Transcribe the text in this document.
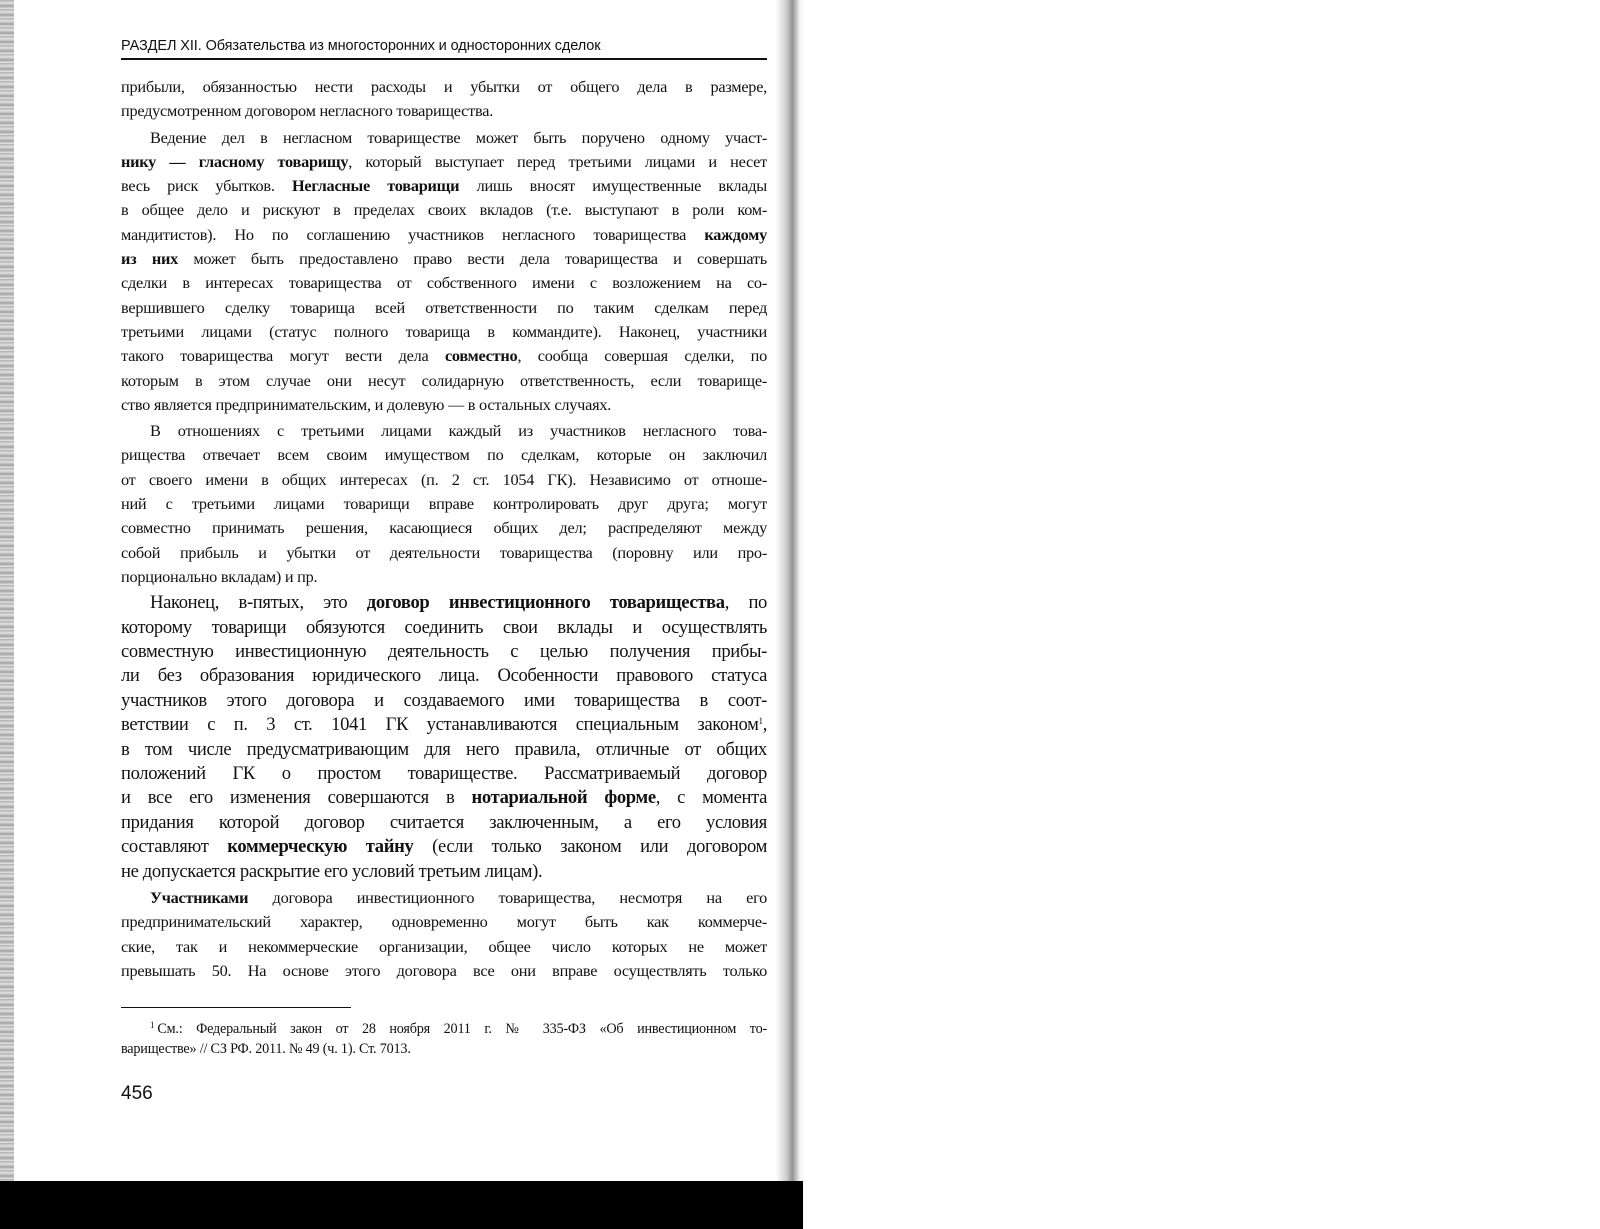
РАЗДЕЛ XII. Обязательства из многосторонних и односторонних сделок

прибыли, обязанностью нести расходы и убытки от общего дела в размере,

предусмотренном договором негласного товарищества.

Ведение дел в негласном товариществе может быть поручено одному участ-

нику — гласному товарищу, который выступает перед третьими лицами и несет

весь риск убытков. Негласные товарищи лишь вносят имущественные вклады

в общее дело и рискуют в пределах своих вкладов (т.е. выступают в роли ком-

мандитистов). Но по соглашению участников негласного товарищества каждому

из них может быть предоставлено право вести дела товарищества и совершать

сделки в интересах товарищества от собственного имени с возложением на со-

вершившего сделку товарища всей ответственности по таким сделкам перед

третьими лицами (статус полного товарища в коммандите). Наконец, участники

такого товарищества могут вести дела совместно, сообща совершая сделки, по

которым в этом случае они несут солидарную ответственность, если товарище-

ство является предпринимательским, и долевую — в остальных случаях.

В отношениях с третьими лицами каждый из участников негласного това-

рищества отвечает всем своим имуществом по сделкам, которые он заключил

от своего имени в общих интересах (п. 2 ст. 1054 ГК). Независимо от отноше-

ний с третьими лицами товарищи вправе контролировать друг друга; могут

совместно принимать решения, касающиеся общих дел; распределяют между

собой прибыль и убытки от деятельности товарищества (поровну или про-

порционально вкладам) и пр.

Наконец, в-пятых, это договор инвестиционного товарищества, по

которому товарищи обязуются соединить свои вклады и осуществлять

совместную инвестиционную деятельность с целью получения прибы-

ли без образования юридического лица. Особенности правового статуса

участников этого договора и создаваемого ими товарищества в соот-

ветствии с п. 3 ст. 1041 ГК устанавливаются специальным законом$^1$,

в том числе предусматривающим для него правила, отличные от общих

положений ГК о простом товариществе. Рассматриваемый договор

и все его изменения совершаются в нотариальной форме, с момента

придания которой договор считается заключенным, а его условия

составляют коммерческую тайну (если только законом или договором

не допускается раскрытие его условий третьим лицам).

Участниками договора инвестиционного товарищества, несмотря на его

предпринимательский характер, одновременно могут быть как коммерче-

ские, так и некоммерческие организации, общее число которых не может

превышать 50. На основе этого договора все они вправе осуществлять только

$^1$ См.: Федеральный закон от 28 ноября 2011 г. № 335-ФЗ «Об инвестиционном то-

вариществе» // СЗ РФ. 2011. № 49 (ч. 1). Ст. 7013.

456
